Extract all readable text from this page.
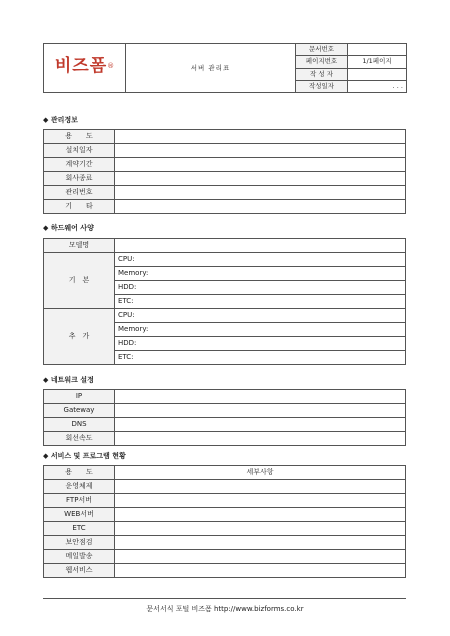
비즈폼®	서버 관리표	문서번호	
		페이지번호	1/1페이지
		작 성 자	
		작성일자	. . .
◆ 관리정보
용　　도	
설치일자	
계약기간	
회사종료	
관리번호	
기　　타	
◆ 하드웨어 사양
모델명	
기　본	CPU:
	Memory:
	HDD:
	ETC:
추　가	CPU:
	Memory:
	HDD:
	ETC:
◆ 네트워크 설정
IP	
Gateway	
DNS	
회선속도	
◆ 서비스 및 프로그램 현황
용　　도	세부사항
운영체제	
FTP서버	
WEB서버	
ETC	
보안점검	
메일발송	
웹서비스	
문서서식 포털 비즈폼 http://www.bizforms.co.kr
